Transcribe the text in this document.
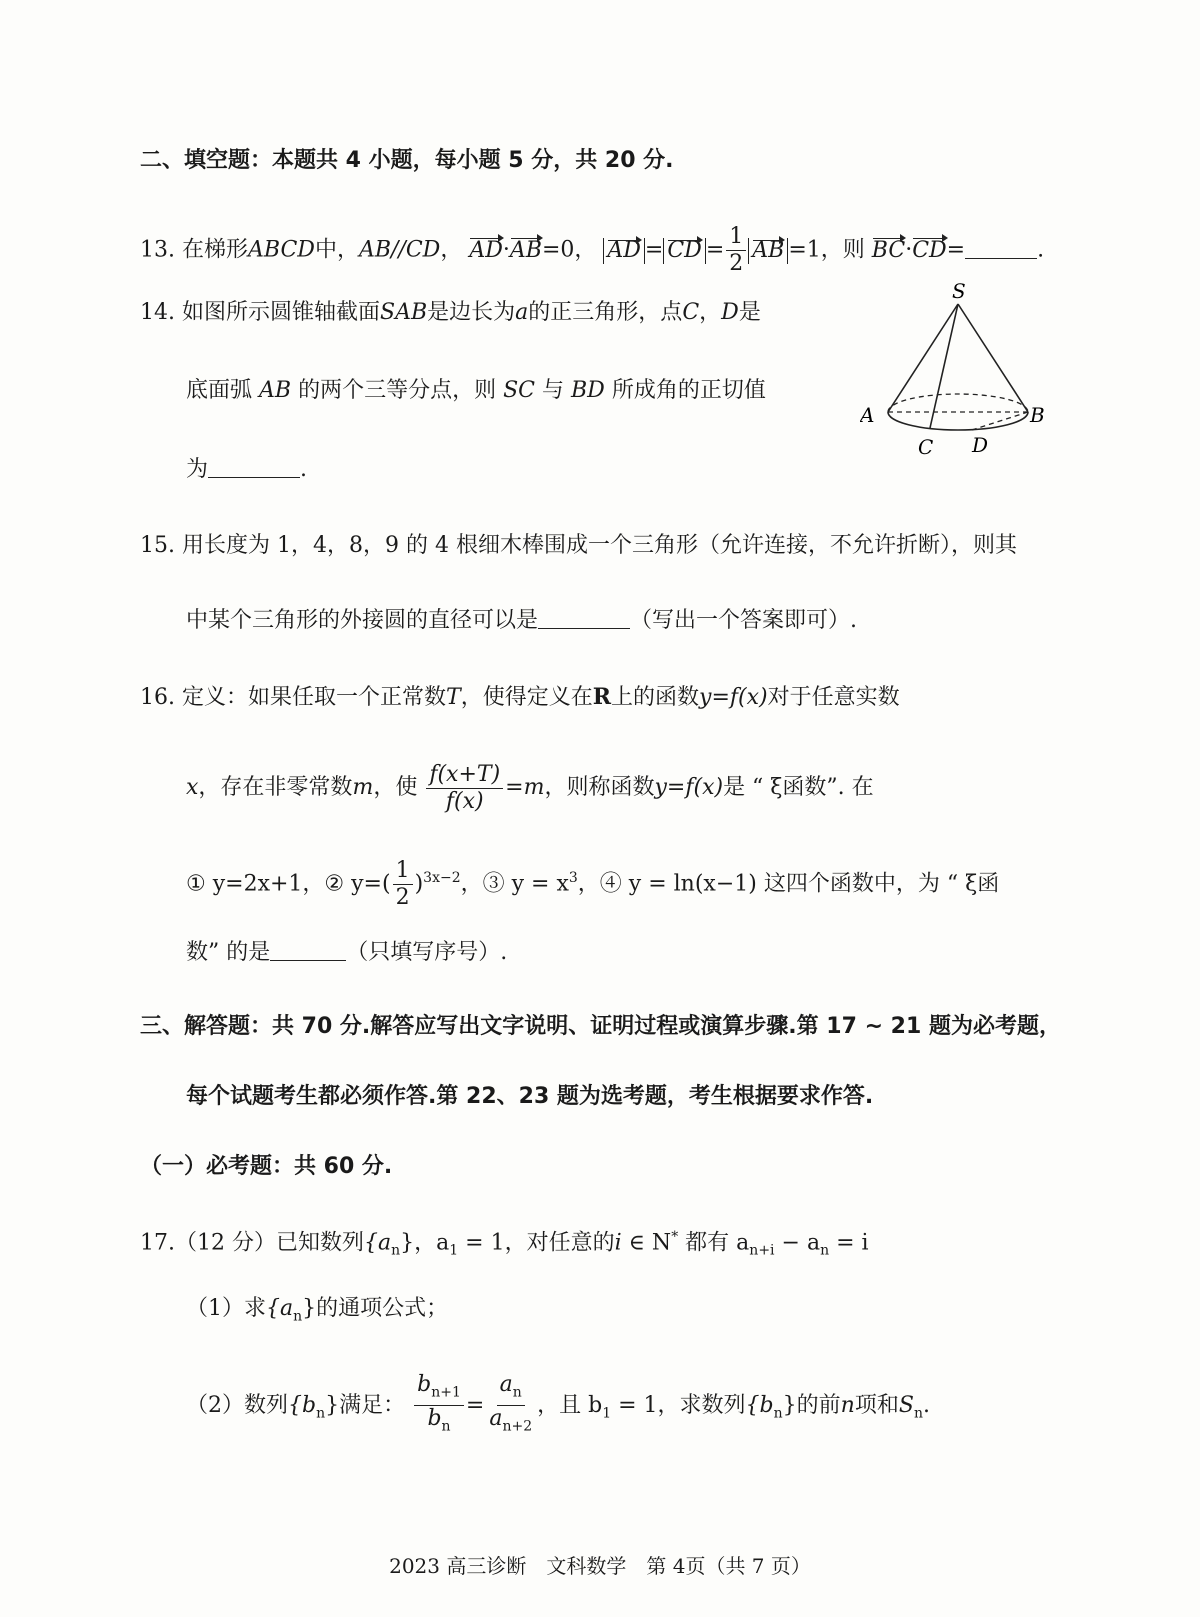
二、填空题：本题共 4 小题，每小题 5 分，共 20 分.
13. 在梯形ABCD中，AB//CD， AD·AB=0， AD = CD = $\frac{1}{2}$ AB =1，则 BC·CD=	.
14. 如图所示圆锥轴截面SAB是边长为a的正三角形，点C，D是
底面弧 AB 的两个三等分点，则 SC 与 BD 所成角的正切值
为	.
S
A	B
C D
15. 用长度为 1，4，8，9 的 4 根细木棒围成一个三角形（允许连接，不允许折断），则其
中某个三角形的外接圆的直径可以是	（写出一个答案即可）.
16. 定义：如果任取一个正常数T，使得定义在R上的函数y=f(x)对于任意实数
x，存在非零常数m，使 $\frac{f(x+T)}{f(x)} =m$，则称函数y=f(x)是 “ ξ函数”. 在
① y=2x+1，② $y=( \frac{1}{2} )^{3x-2}$，③ $y = x^3$，④ y = ln(x−1) 这四个函数中，为 “ ξ函
数” 的是	（只填写序号）.
三、解答题：共 70 分.解答应写出文字说明、证明过程或演算步骤.第 17 ~ 21 题为必考题，
每个试题考生都必须作答.第 22、23 题为选考题，考生根据要求作答.
（一）必考题：共 60 分.
17.（12 分）已知数列$\{a_n\}$，$a_1 = 1$，对任意的i ∈ N* 都有 $a_{n+i} - a_n = i$
（1）求$\{a_n\}$的通项公式；
（2）数列$\{b_n\}$满足： $\frac{b_{n+1}}{b_n} = \frac{a_n}{a_{n+2}}$ ，且 $b_1 = 1$，求数列$\{b_n\}$的前n项和$S_n$.
2023 高三诊断　文科数学　第 4页（共 7 页）
